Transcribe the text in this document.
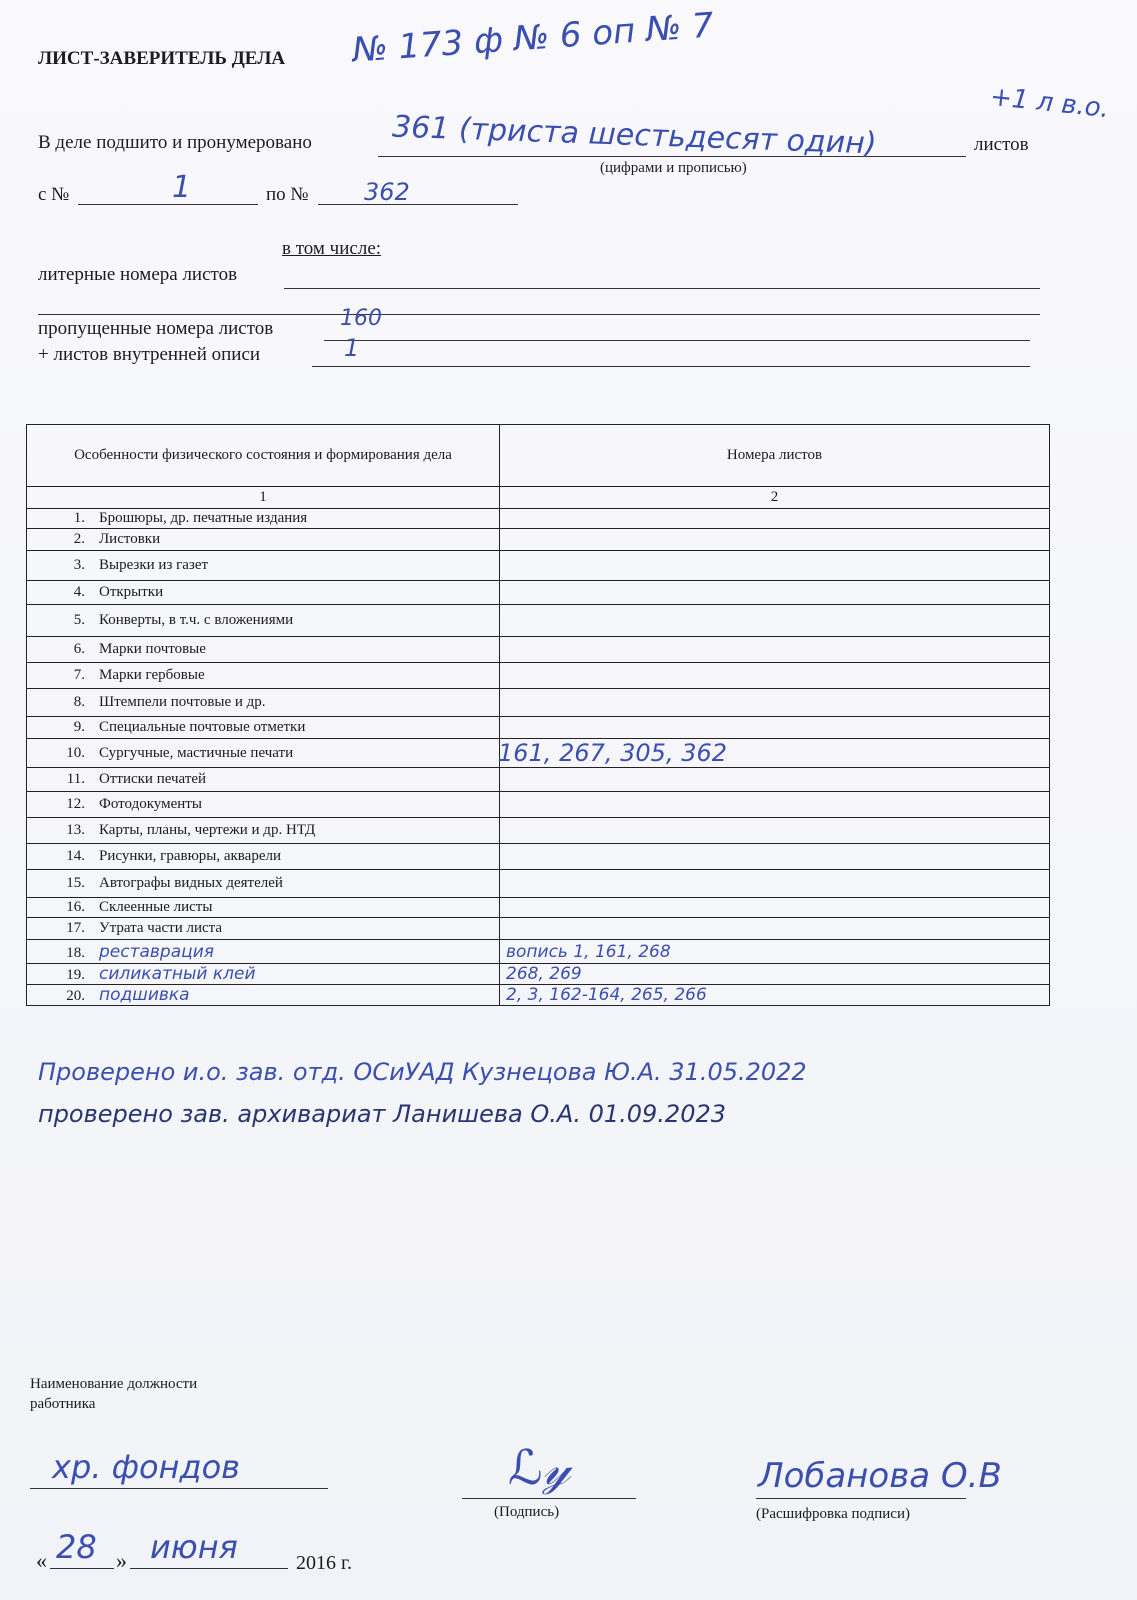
ЛИСТ-ЗАВЕРИТЕЛЬ ДЕЛА № 173 ф № 6 оп № 7
+1 л в.о.
В деле подшито и пронумеровано	361 (триста шестьдесят один)	листов
(цифрами и прописью)
с №	1	по № 362
в том числе:
литерные номера листов
пропущенные номера листов	160
+ листов внутренней описи	1
Особенности физического состояния и формирования дела	Номера листов
1	2
1. Брошюры, др. печатные издания	
2. Листовки	
3. Вырезки из газет	
4. Открытки	
5. Конверты, в т.ч. с вложениями	
6. Марки почтовые	
7. Марки гербовые	
8. Штемпели почтовые и др.	
9. Специальные почтовые отметки	
10. Сургучные, мастичные печати	161, 267, 305, 362
11. Оттиски печатей	
12. Фотодокументы	
13. Карты, планы, чертежи и др. НТД	
14. Рисунки, гравюры, акварели	
15. Автографы видных деятелей	
16. Склеенные листы	
17. Утрата части листа	
18. реставрация	вопись 1, 161, 268
19. силикатный клей	268, 269
20. подшивка	2, 3, 162-164, 265, 266
Проверено и.о. зав. отд. ОСиУАД Кузнецова Ю.А. 31.05.2022
проверено зав. архивариат Ланишева О.А. 01.09.2023
Наименование должности работника
хр. фондов	ℒ𝓎
(Подпись)
Лобанова О.В
(Расшифровка подписи)
« 28 » июня	2016 г.
